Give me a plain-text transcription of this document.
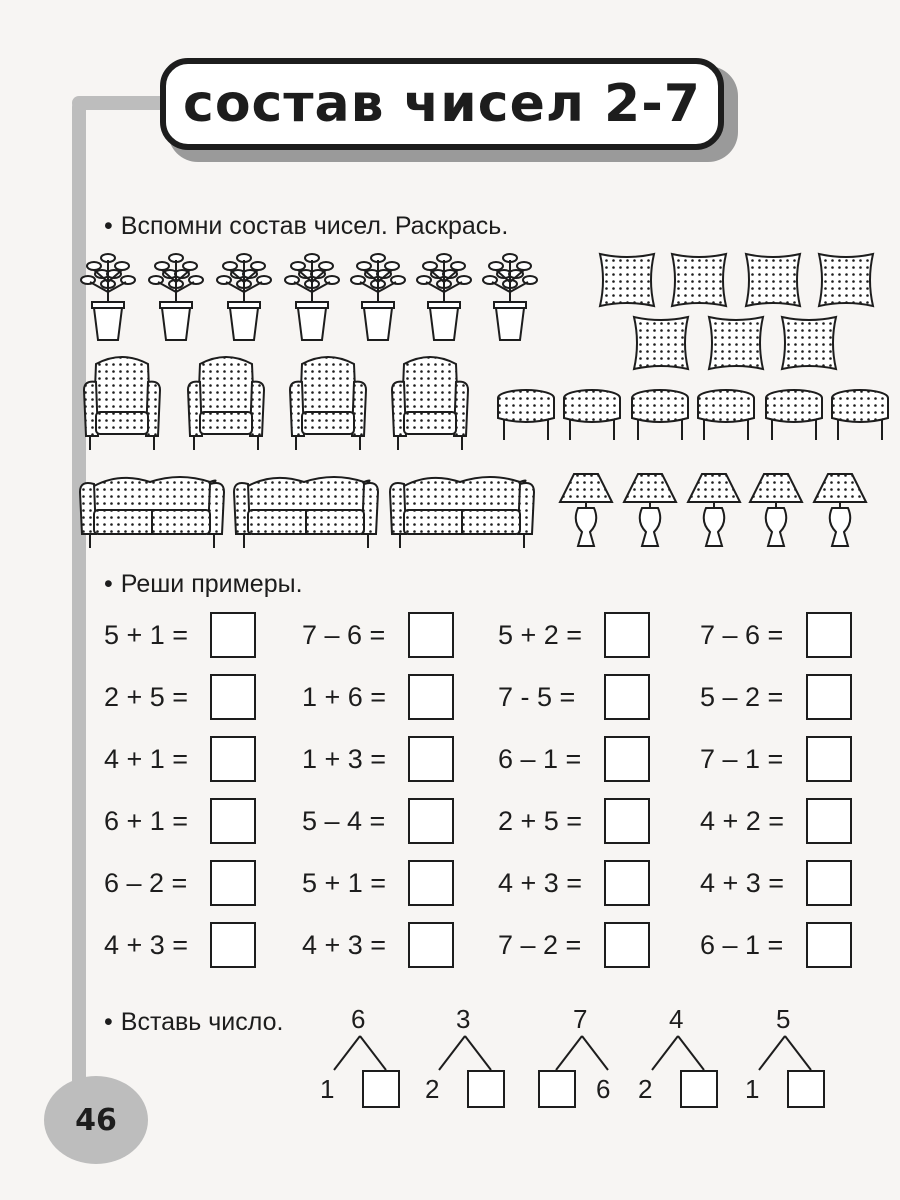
состав чисел 2-7
• Вспомни состав чисел. Раскрась.
• Реши примеры.
5 + 1 =	7 – 6 =	5 + 2 =	7 – 6 =
2 + 5 =	1 + 6 =	7 - 5 =	5 – 2 =
4 + 1 =	1 + 3 =	6 – 1 =	7 – 1 =
6 + 1 =	5 – 4 =	2 + 5 =	4 + 2 =
6 – 2 =	5 + 1 =	4 + 3 =	4 + 3 =
4 + 3 =	4 + 3 =	7 – 2 =	6 – 1 =
• Вставь число.	6
1
3
2
7
6
4
2
5
1
46
